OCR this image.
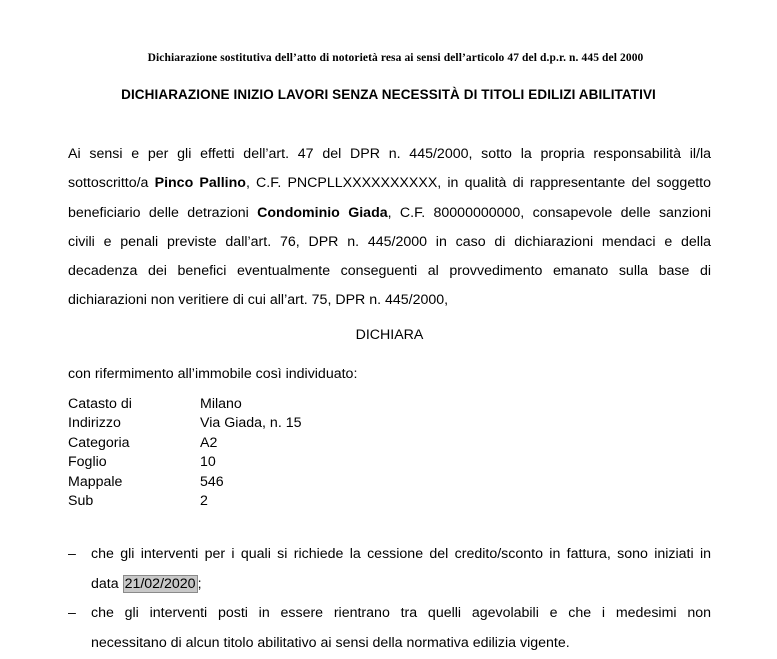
Dichiarazione sostitutiva dell’atto di notorietà resa ai sensi dell’articolo 47 del d.p.r. n. 445 del 2000
DICHIARAZIONE INIZIO LAVORI SENZA NECESSITÀ DI TITOLI EDILIZI ABILITATIVI
Ai sensi e per gli effetti dell’art. 47 del DPR n. 445/2000, sotto la propria responsabilità il/la
sottoscritto/a Pinco Pallino, C.F. PNCPLLXXXXXXXXXX, in qualità di rappresentante del soggetto
beneficiario delle detrazioni Condominio Giada, C.F. 80000000000, consapevole delle sanzioni
civili e penali previste dall’art. 76, DPR n. 445/2000 in caso di dichiarazioni mendaci e della
decadenza dei benefici eventualmente conseguenti al provvedimento emanato sulla base di
dichiarazioni non veritiere di cui all’art. 75, DPR n. 445/2000,
DICHIARA
con rifermimento all’immobile così individuato:
Catasto di	Milano
Indirizzo	Via Giada, n. 15
Categoria	A2
Foglio	10
Mappale	546
Sub	2
– che gli interventi per i quali si richiede la cessione del credito/sconto in fattura, sono iniziati in
data 21/02/2020 ;
– che gli interventi posti in essere rientrano tra quelli agevolabili e che i medesimi non
necessitano di alcun titolo abilitativo ai sensi della normativa edilizia vigente.
